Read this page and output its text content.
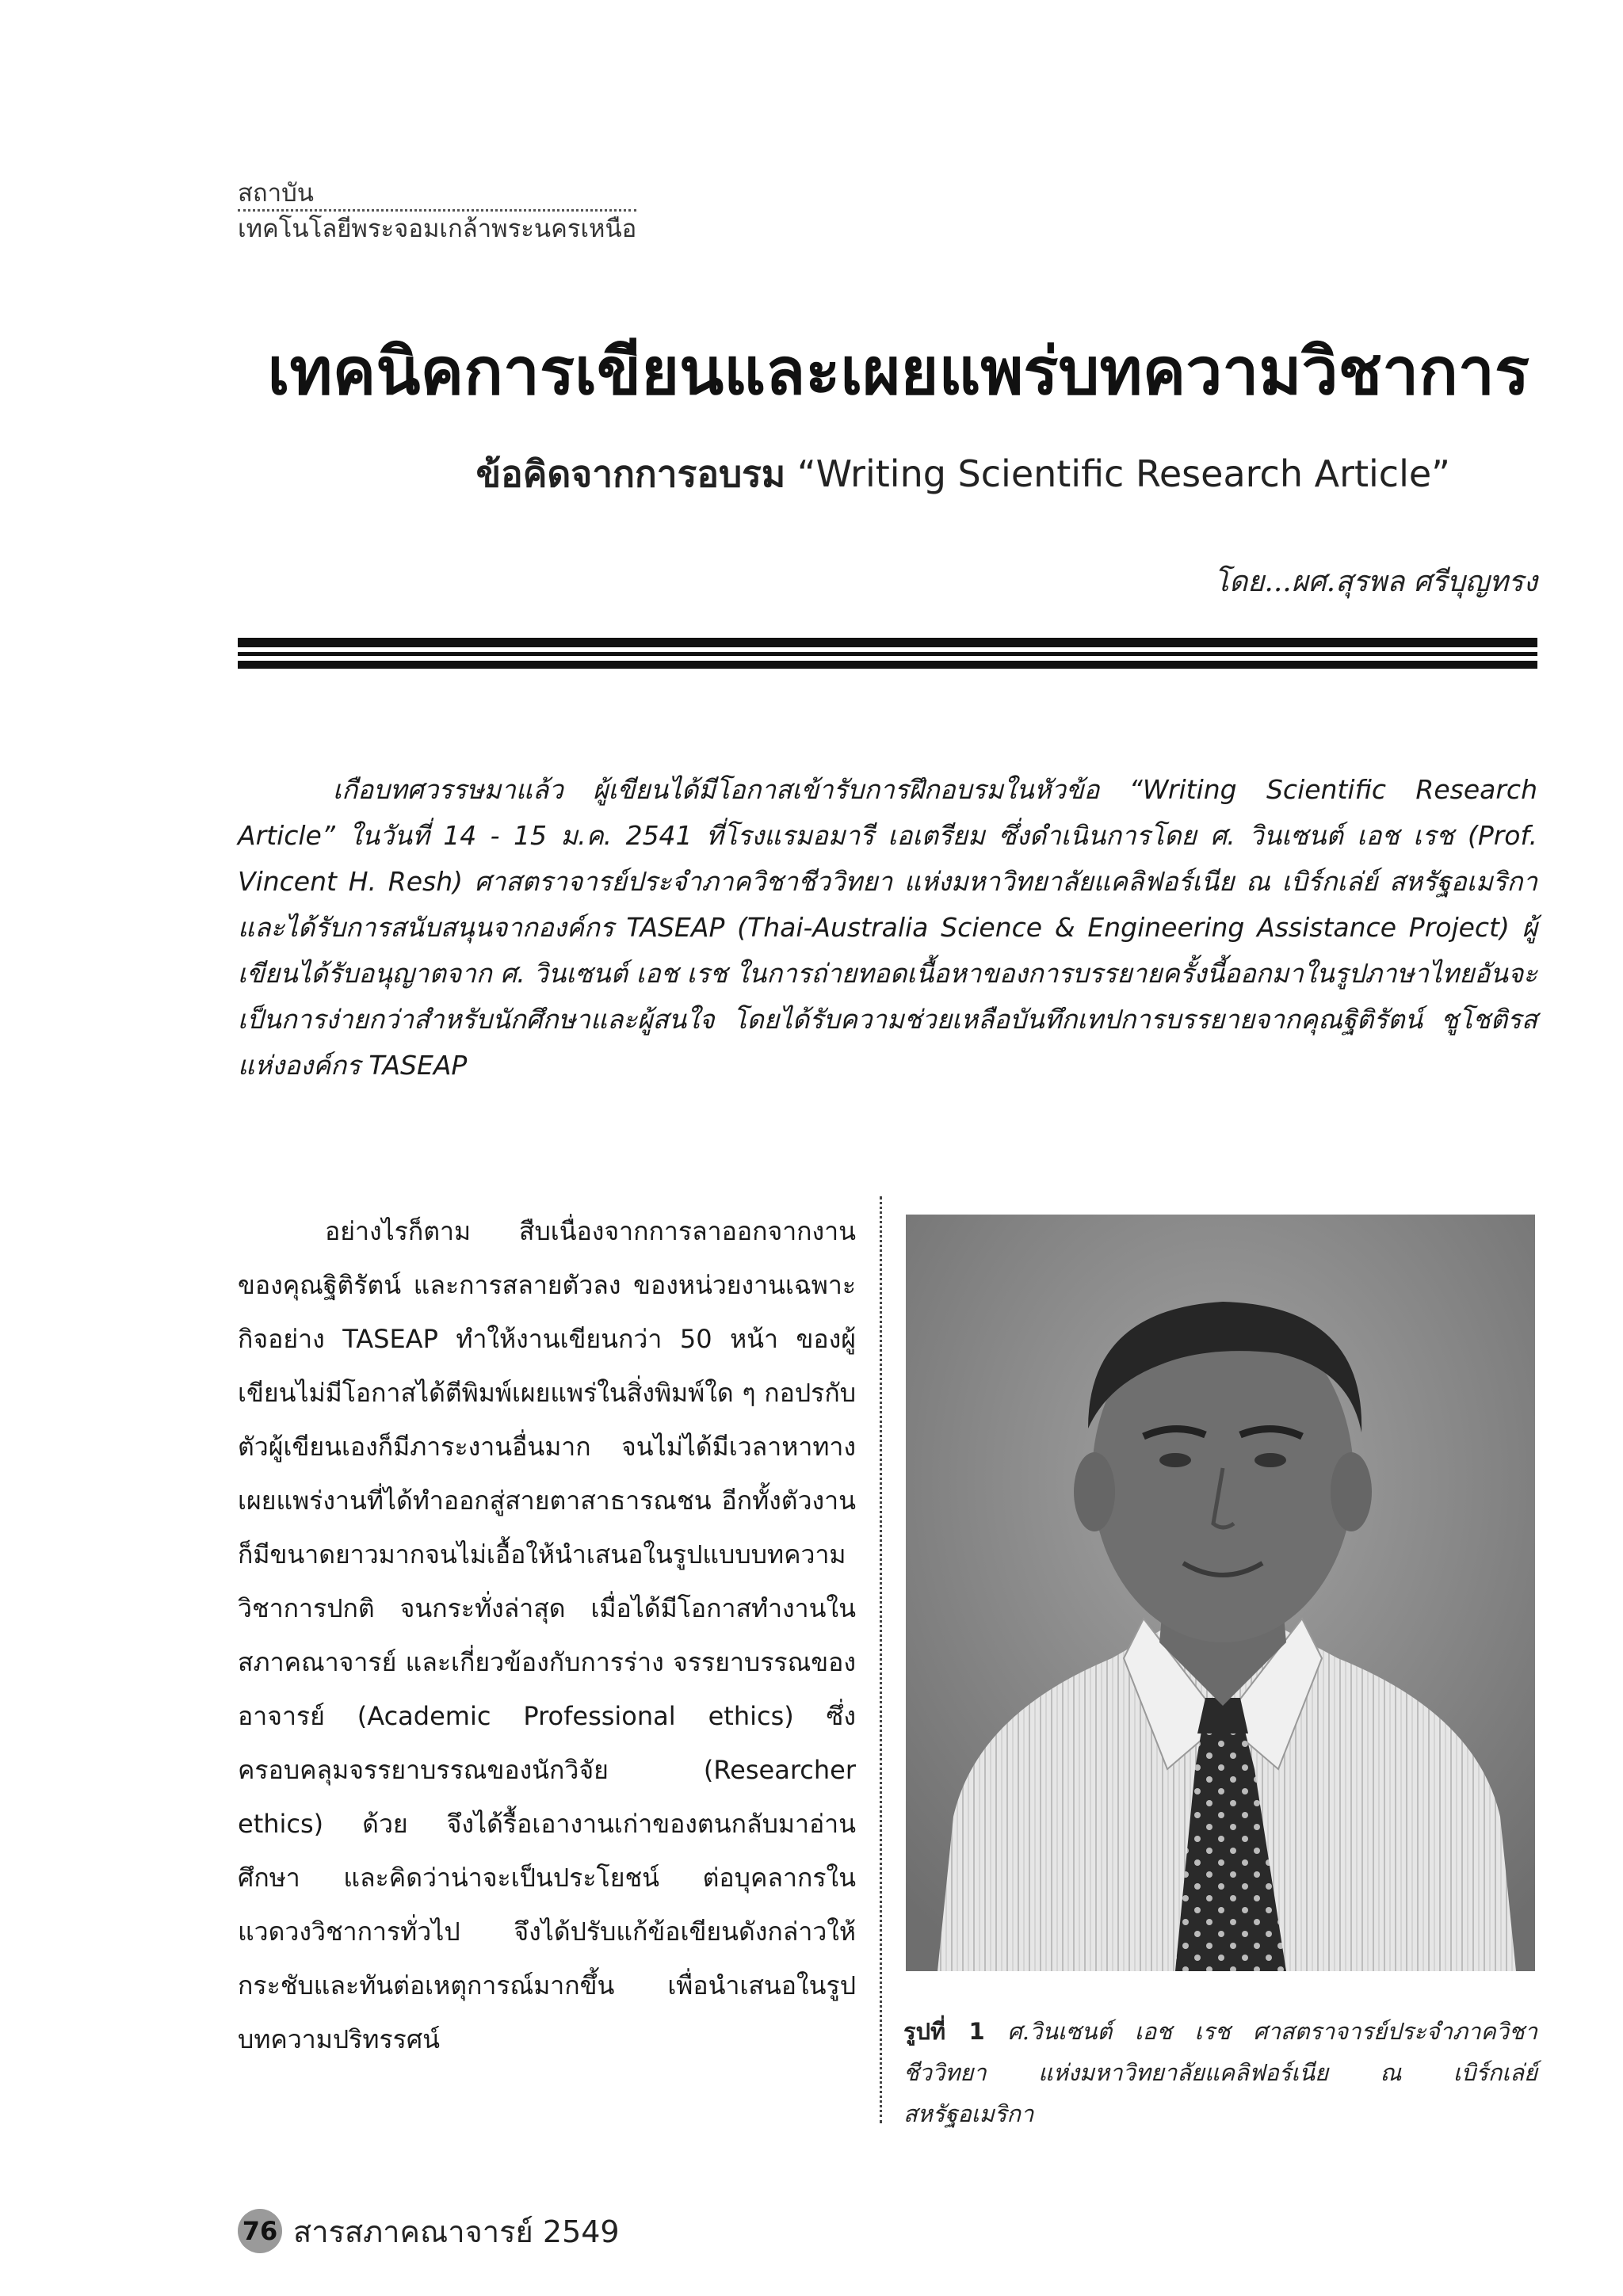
สถาบัน
เทคโนโลยีพระจอมเกล้าพระนครเหนือ
เทคนิคการเขียนและเผยแพร่บทความวิชาการ
ข้อคิดจากการอบรม “Writing Scientific Research Article”
โดย...ผศ.สุรพล ศรีบุญทรง
เกือบทศวรรษมาแล้ว ผู้เขียนได้มีโอกาสเข้ารับการฝึกอบรมในหัวข้อ “Writing Scientific Research Article” ในวันที่ 14 - 15 ม.ค. 2541 ที่โรงแรมอมารี เอเตรียม ซึ่งดำเนินการโดย ศ. วินเซนต์ เอช เรช (Prof. Vincent H. Resh) ศาสตราจารย์ประจำภาควิชาชีววิทยา แห่งมหาวิทยาลัยแคลิฟอร์เนีย ณ เบิร์กเล่ย์ สหรัฐอเมริกา และได้รับการสนับสนุนจากองค์กร TASEAP (Thai-Australia Science & Engineering Assistance Project) ผู้เขียนได้รับอนุญาตจาก ศ. วินเซนต์ เอช เรช ในการถ่ายทอดเนื้อหาของการบรรยายครั้งนี้ออกมาในรูปภาษาไทยอันจะเป็นการง่ายกว่าสำหรับนักศึกษาและผู้สนใจ โดยได้รับความช่วยเหลือบันทึกเทปการบรรยายจากคุณฐิติรัตน์ ชูโชติรส แห่งองค์กร TASEAP
อย่างไรก็ตาม สืบเนื่องจากการลาออกจากงานของคุณฐิติรัตน์ และการสลายตัวลง ของหน่วยงานเฉพาะกิจอย่าง TASEAP ทำให้งานเขียนกว่า 50 หน้า ของผู้เขียนไม่มีโอกาสได้ตีพิมพ์เผยแพร่ในสิ่งพิมพ์ใด ๆ กอปรกับตัวผู้เขียนเองก็มีภาระงานอื่นมาก จนไม่ได้มีเวลาหาทางเผยแพร่งานที่ได้ทำออกสู่สายตาสาธารณชน อีกทั้งตัวงานก็มีขนาดยาวมากจนไม่เอื้อให้นำเสนอในรูปแบบบทความวิชาการปกติ จนกระทั่งล่าสุด เมื่อได้มีโอกาสทำงานในสภาคณาจารย์ และเกี่ยวข้องกับการร่าง จรรยาบรรณของอาจารย์ (Academic Professional ethics) ซึ่งครอบคลุมจรรยาบรรณของนักวิจัย (Researcher ethics) ด้วย จึงได้รื้อเอางานเก่าของตนกลับมาอ่านศึกษา และคิดว่าน่าจะเป็นประโยชน์ ต่อบุคลากรในแวดวงวิชาการทั่วไป จึงได้ปรับแก้ข้อเขียนดังกล่าวให้กระชับและทันต่อเหตุการณ์มากขึ้น เพื่อนำเสนอในรูปบทความปริทรรศน์	รูปที่ 1 ศ.วินเซนต์ เอช เรช ศาสตราจารย์ประจำภาควิชาชีววิทยา แห่งมหาวิทยาลัยแคลิฟอร์เนีย ณ เบิร์กเล่ย์ สหรัฐอเมริกา
76 สารสภาคณาจารย์ 2549
